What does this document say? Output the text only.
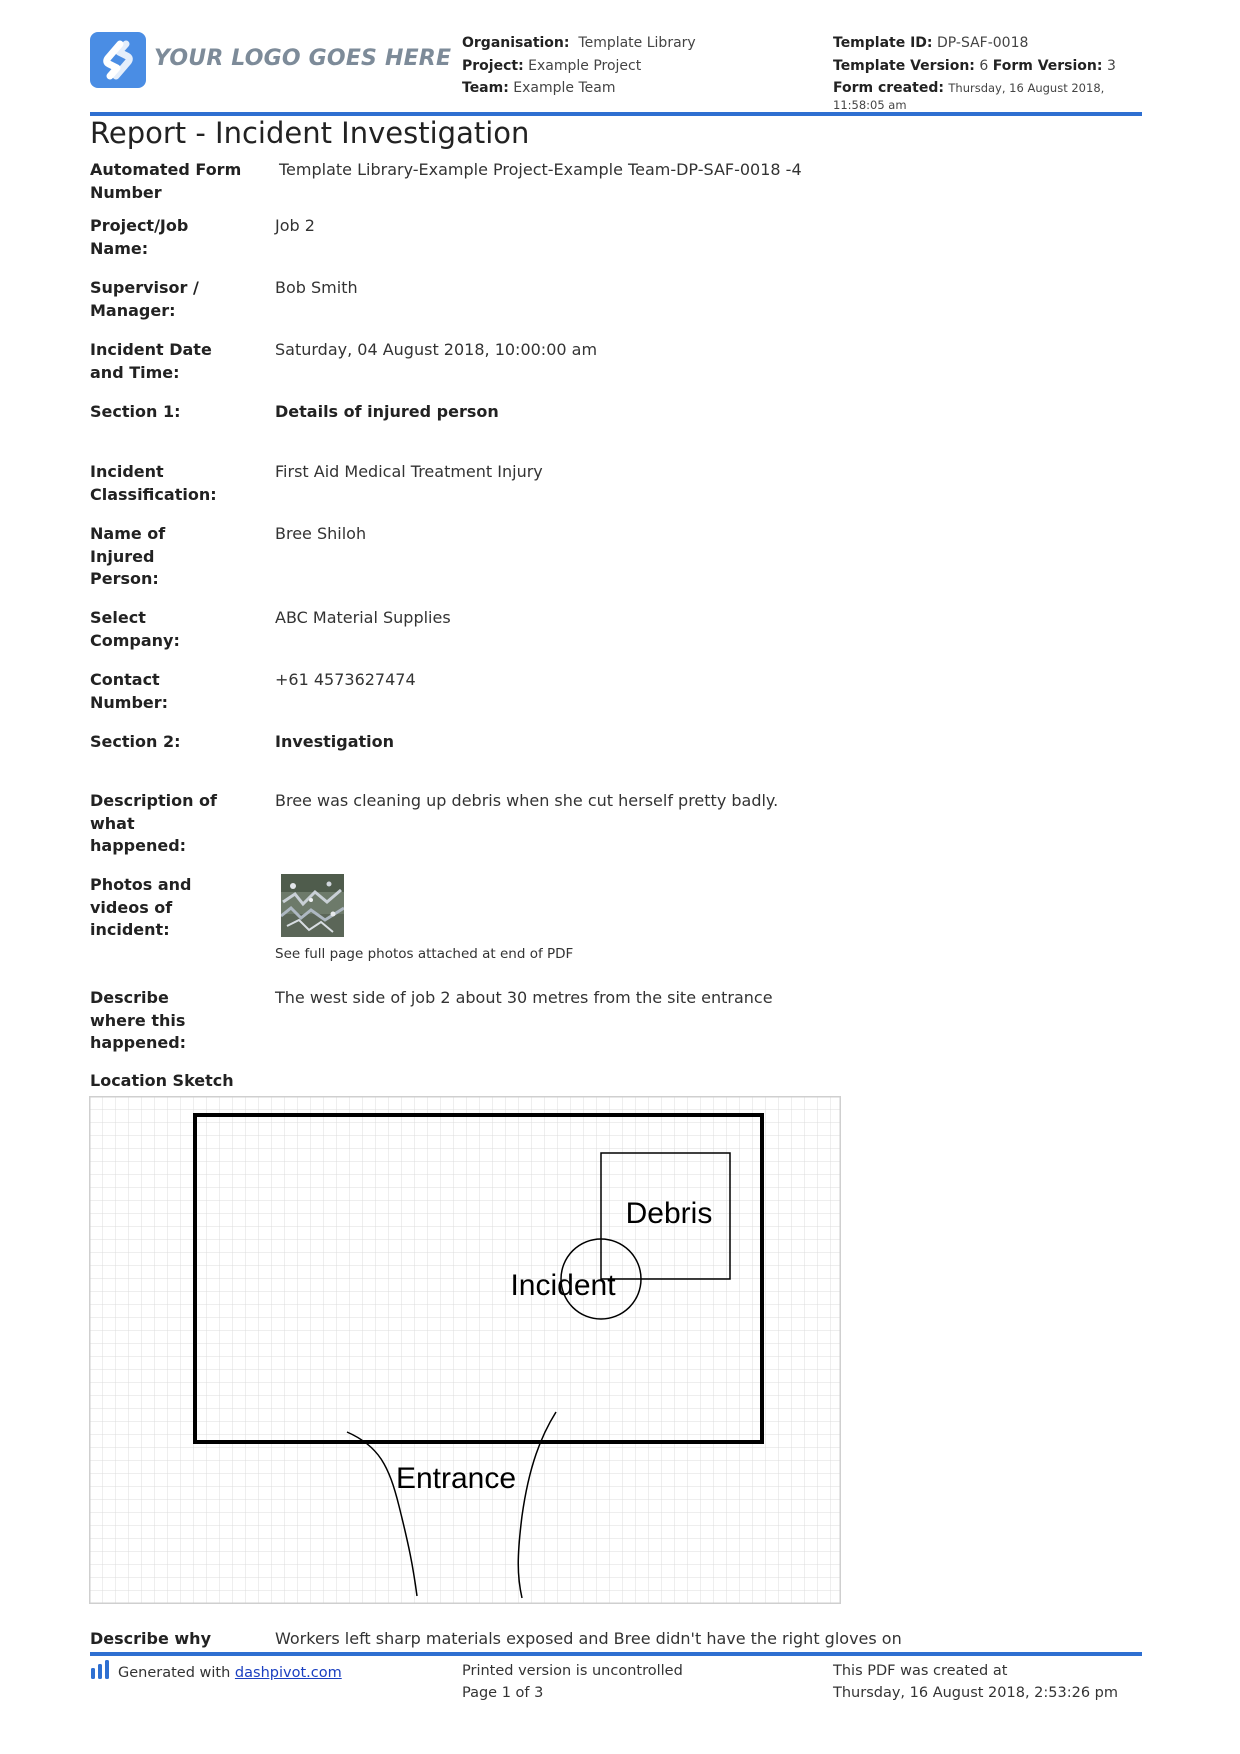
YOUR LOGO GOES HERE
Organisation: Template Library
Project: Example Project
Team: Example Team
Template ID: DP-SAF-0018
Template Version: 6 Form Version: 3
Form created: Thursday, 16 August 2018, 11:58:05 am
Report - Incident Investigation
Automated Form Number
Template Library-Example Project-Example Team-DP-SAF-0018 -4
Project/Job Name:
Job 2
Supervisor / Manager:
Bob Smith
Incident Date and Time:
Saturday, 04 August 2018, 10:00:00 am
Section 1:	Details of injured person
Incident Classification:
First Aid Medical Treatment Injury
Name of Injured Person:
Bree Shiloh
Select Company:
ABC Material Supplies
Contact Number:
+61 4573627474
Section 2:	Investigation
Description of what happened:
Bree was cleaning up debris when she cut herself pretty badly.
Photos and videos of incident:
See full page photos attached at end of PDF
Describe where this happened:
The west side of job 2 about 30 metres from the site entrance
Location Sketch
Debris
Incident
Entrance
Describe why	Workers left sharp materials exposed and Bree didn't have the right gloves on
Generated with dashpivot.com	Printed version is uncontrolled
Page 1 of 3
This PDF was created at
Thursday, 16 August 2018, 2:53:26 pm
